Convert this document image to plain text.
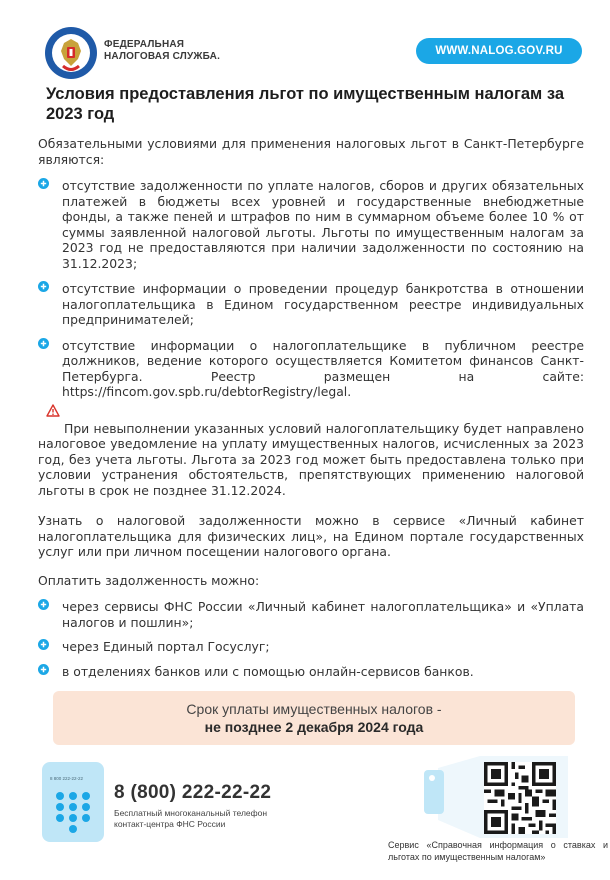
ФЕДЕРАЛЬНАЯ
НАЛОГОВАЯ СЛУЖБА.	WWW.NALOG.GOV.RU
Условия предоставления льгот по имущественным налогам за 2023 год

Обязательными условиями для применения налоговых льгот в Санкт-Петербурге являются:

отсутствие задолженности по уплате налогов, сборов и других обязательных платежей в бюджеты всех уровней и государственные внебюджетные фонды, а также пеней и штрафов по ним в суммарном объеме более 10 % от суммы заявленной налоговой льготы. Льготы по имущественным налогам за 2023 год не предоставляются при наличии задолженности по состоянию на 31.12.2023;
отсутствие информации о проведении процедур банкротства в отношении налогоплательщика в Едином государственном реестре индивидуальных предпринимателей;
отсутствие информации о налогоплательщике в публичном реестре должников, ведение которого осуществляется Комитетом финансов Санкт-Петербурга. Реестр размещен на сайте: https://fincom.gov.spb.ru/debtorRegistry/legal.

При невыполнении указанных условий налогоплательщику будет направлено налоговое уведомление на уплату имущественных налогов, исчисленных за 2023 год, без учета льготы. Льгота за 2023 год может быть предоставлена только при условии устранения обстоятельств, препятствующих применению налоговой льготы в срок не позднее 31.12.2024.

Узнать о налоговой задолженности можно в сервисе «Личный кабинет налогоплательщика для физических лиц», на Едином портале государственных услуг или при личном посещении налогового органа.

Оплатить задолженность можно:

через сервисы ФНС России «Личный кабинет налогоплательщика» и «Уплата налогов и пошлин»;
через Единый портал Госуслуг;
в отделениях банков или с помощью онлайн-сервисов банков.
Срок уплаты имущественных налогов -
не позднее 2 декабря 2024 года
8 800 222-22-22
8 (800) 222-22-22
Бесплатный многоканальный телефон
контакт-центра ФНС России
Сервис «Справочная информация о ставках и льготах по имущественным налогам»
